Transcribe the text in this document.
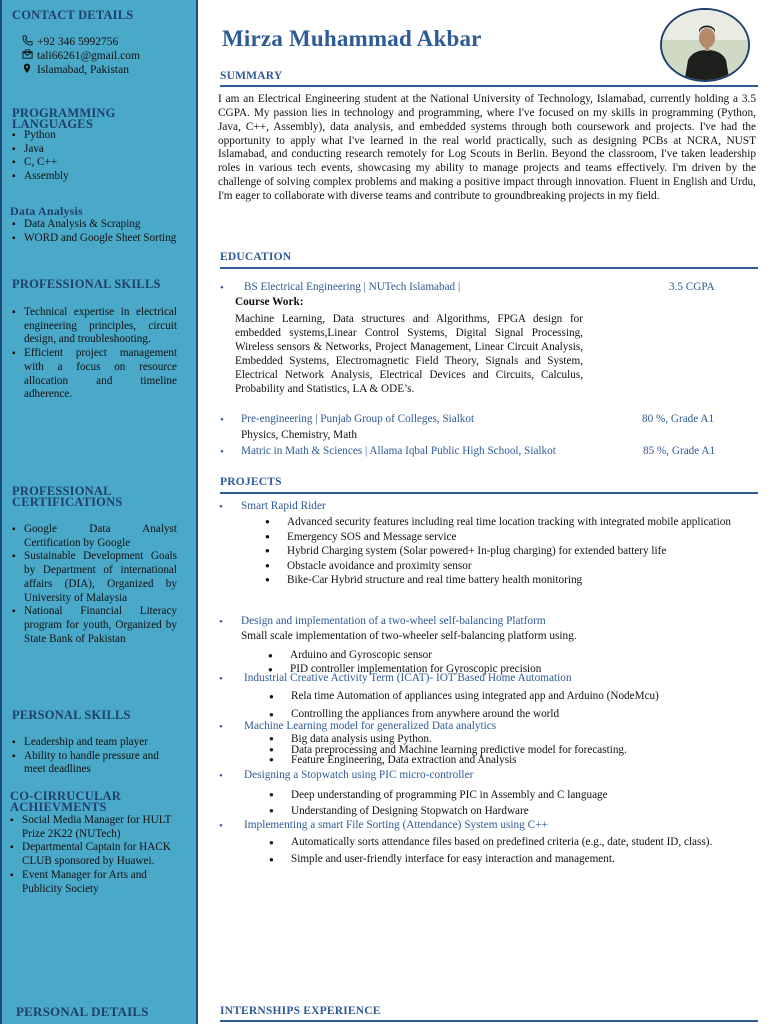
CONTACT DETAILS
+92 346 5992756
tali66261@gmail.com
Islamabad, Pakistan
PROGRAMMING
LANGUAGES
▪ Python
▪ Java
▪ C, C++
▪ Assembly
Data Analysis
▪ Data Analysis & Scraping
▪ WORD and Google Sheet Sorting
PROFESSIONAL SKILLS
▪ Technical expertise in electrical engineering principles, circuit design, and troubleshooting.
▪ Efficient project management with a focus on resource allocation and timeline adherence.
PROFESSIONAL
CERTIFICATIONS
▪ Google Data Analyst Certification by Google
▪ Sustainable Development Goals by Department of international affairs (DIA), Organized by University of Malaysia
▪ National Financial Literacy program for youth, Organized by State Bank of Pakistan
PERSONAL SKILLS
▪ Leadership and team player
▪ Ability to handle pressure and meet deadlines
CO-CIRRUCULAR
ACHIEVMENTS
▪ Social Media Manager for HULT Prize 2K22 (NUTech)
▪ Departmental Captain for HACK CLUB sponsored by Huawei.
▪ Event Manager for Arts and Publicity Society
PERSONAL DETAILS
Mirza Muhammad Akbar
SUMMARY
I am an Electrical Engineering student at the National University of Technology, Islamabad, currently holding a 3.5 CGPA. My passion lies in technology and programming, where I've focused on my skills in programming (Python, Java, C++, Assembly), data analysis, and embedded systems through both coursework and projects. I've had the opportunity to apply what I've learned in the real world practically, such as designing PCBs at NCRA, NUST Islamabad, and conducting research remotely for Log Scouts in Berlin. Beyond the classroom, I've taken leadership roles in various tech events, showcasing my ability to manage projects and teams effectively. I'm driven by the challenge of solving complex problems and making a positive impact through innovation. Fluent in English and Urdu, I'm eager to collaborate with diverse teams and contribute to groundbreaking projects in my field.
EDUCATION
• BS Electrical Engineering | NUTech Islamabad |	3.5 CGPA
Course Work:
Machine Learning, Data structures and Algorithms, FPGA design for embedded systems,Linear Control Systems, Digital Signal Processing, Wireless sensors & Networks, Project Management, Linear Circuit Analysis, Embedded Systems, Electromagnetic Field Theory, Signals and System, Electrical Network Analysis, Electrical Devices and Circuits, Calculus, Probability and Statistics, LA & ODE’s.
• Pre-engineering | Punjab Group of Colleges, Sialkot	80 %, Grade A1
Physics, Chemistry, Math
• Matric in Math & Sciences | Allama Iqbal Public High School, Sialkot	85 %, Grade A1
PROJECTS
• Smart Rapid Rider
● Advanced security features including real time location tracking with integrated mobile application
● Emergency SOS and Message service
● Hybrid Charging system (Solar powered+ In-plug charging) for extended battery life
● Obstacle avoidance and proximity sensor
● Bike-Car Hybrid structure and real time battery health monitoring
• Design and implementation of a two-wheel self-balancing Platform
Small scale implementation of two-wheeler self-balancing platform using.
● Arduino and Gyroscopic sensor
● PID controller implementation for Gyroscopic precision
• Industrial Creative Activity Term (ICAT)- IOT Based Home Automation
● Rela time Automation of appliances using integrated app and Arduino (NodeMcu)
● Controlling the appliances from anywhere around the world
• Machine Learning model for generalized Data analytics
● Big data analysis using Python.
● Data preprocessing and Machine learning predictive model for forecasting.
● Feature Engineering, Data extraction and Analysis
• Designing a Stopwatch using PIC micro-controller
● Deep understanding of programming PIC in Assembly and C language
● Understanding of Designing Stopwatch on Hardware
• Implementing a smart File Sorting (Attendance) System using C++
● Automatically sorts attendance files based on predefined criteria (e.g., date, student ID, class).
● Simple and user-friendly interface for easy interaction and management.
INTERNSHIPS EXPERIENCE
